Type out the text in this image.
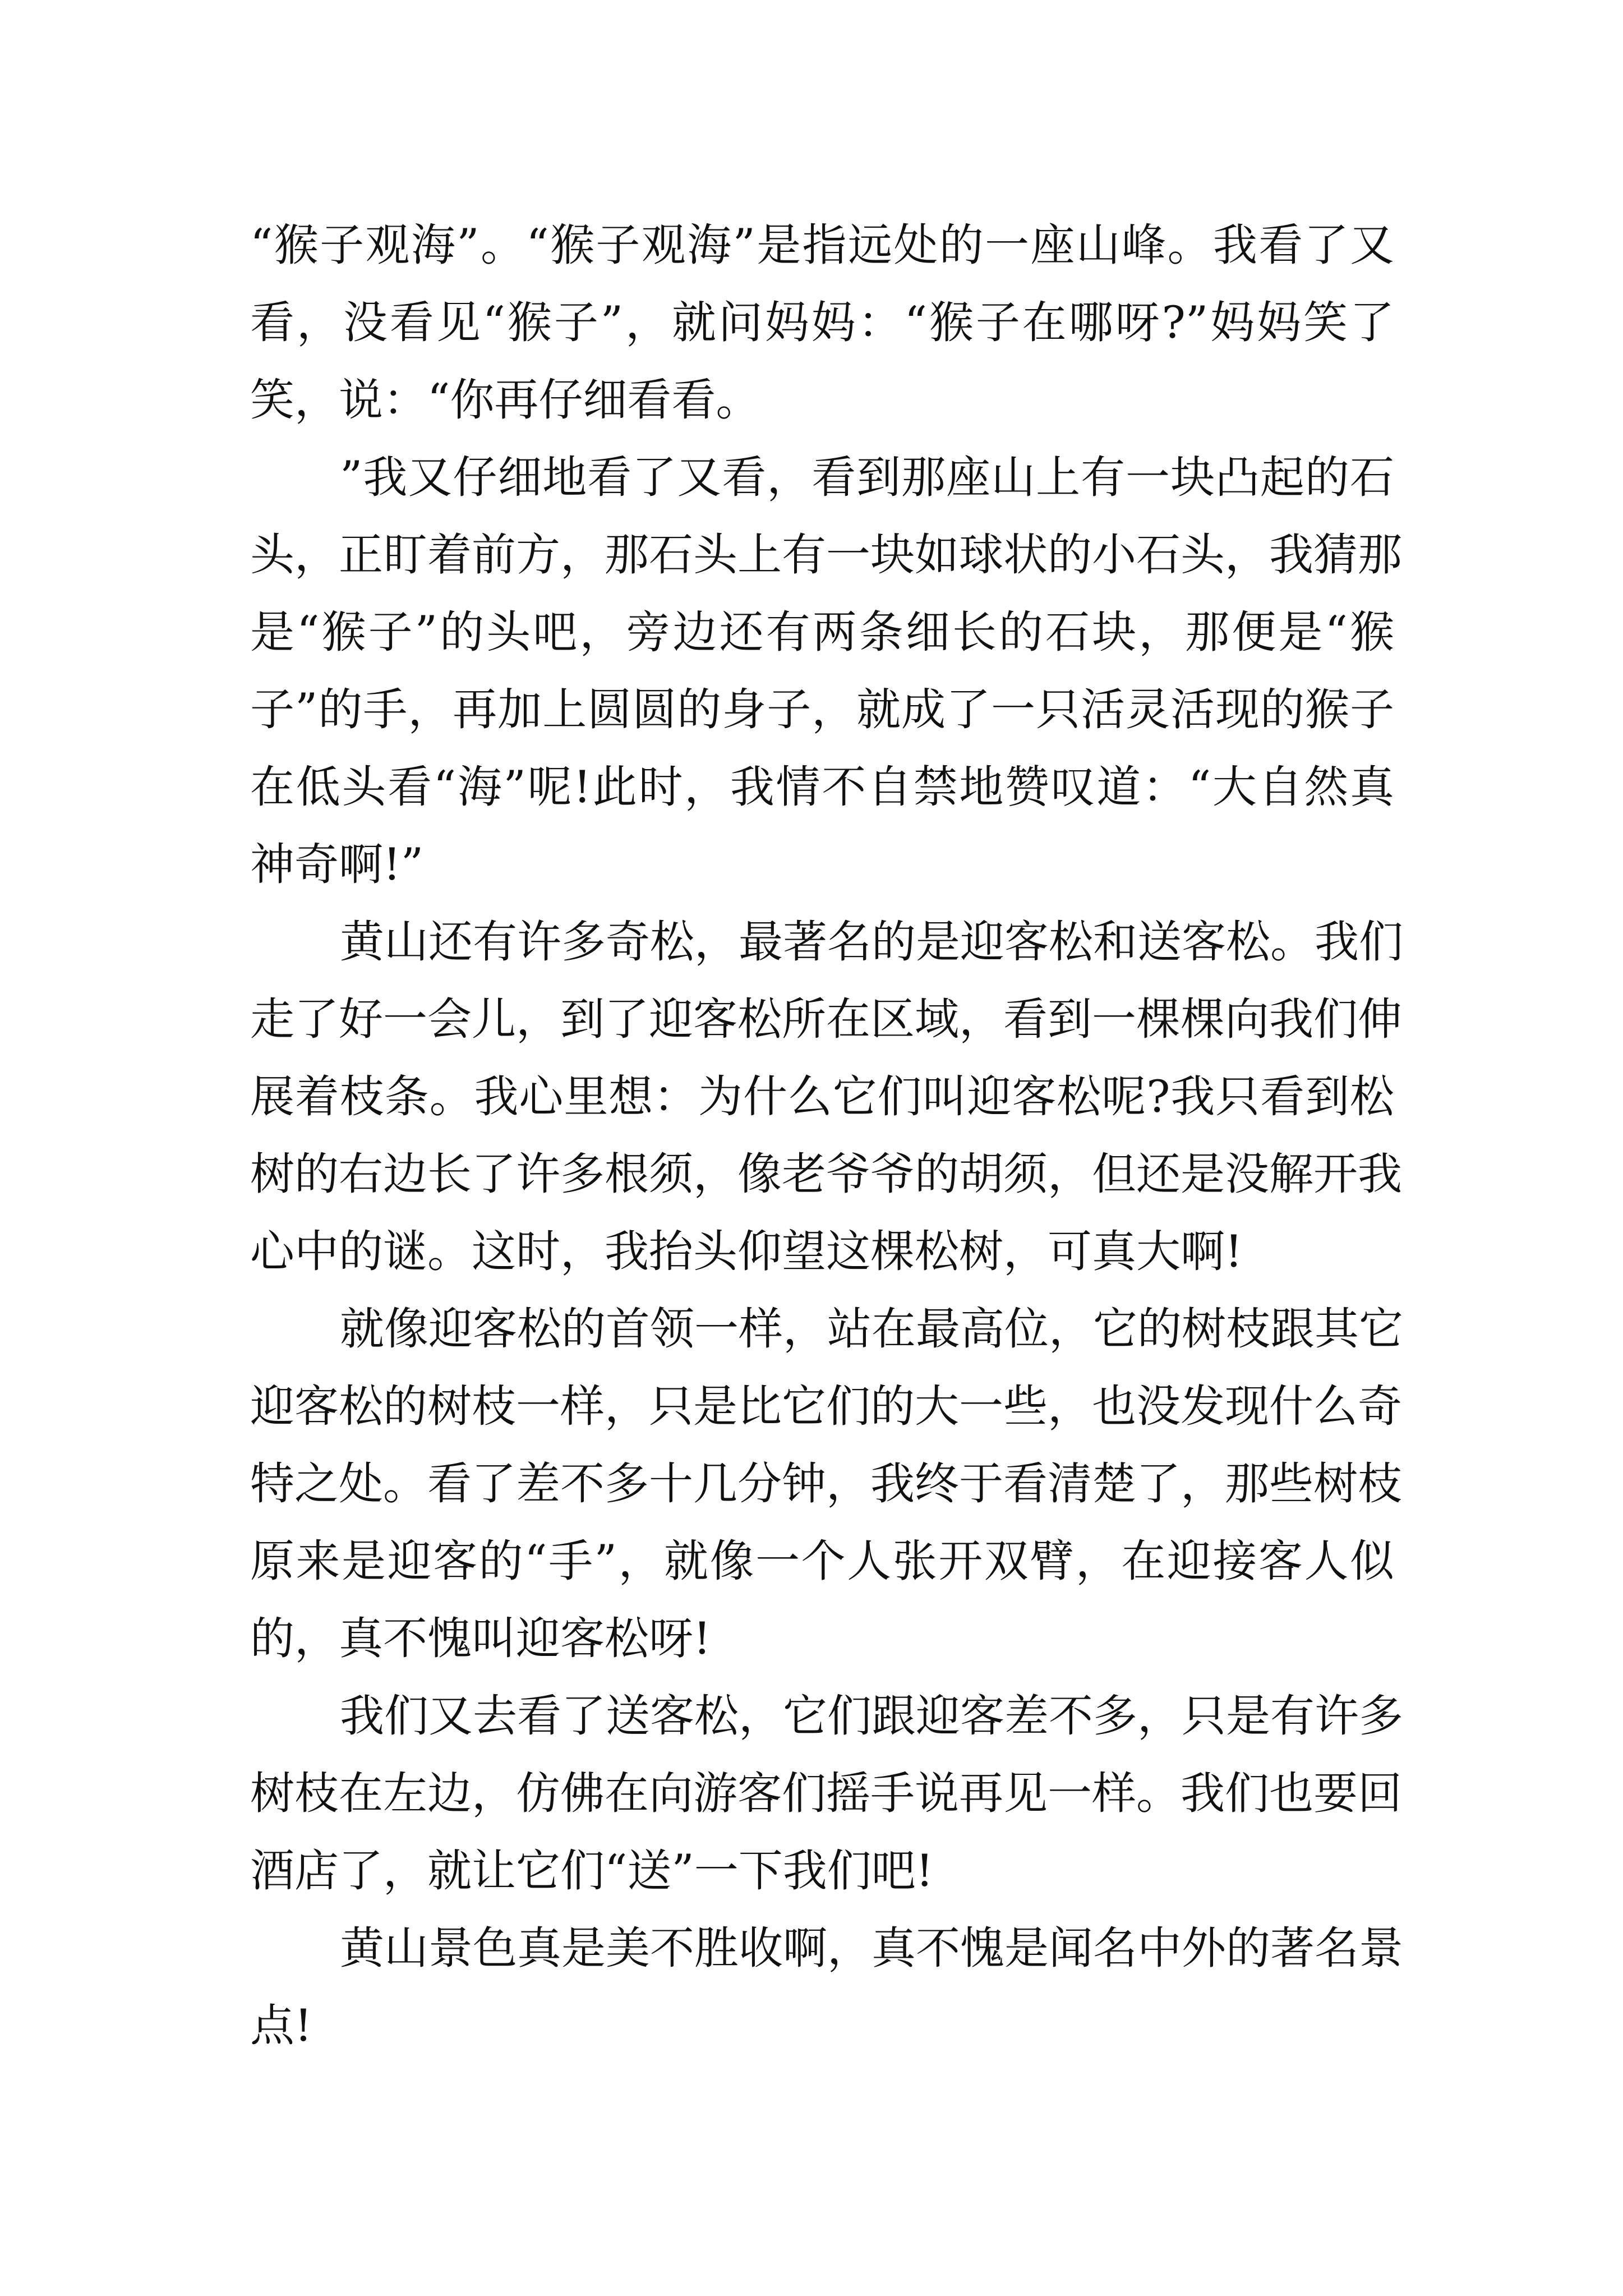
“猴子观海”。“猴子观海”是指远处的一座山峰。我看了又
看，没看见“猴子”，就问妈妈：“猴子在哪呀?”妈妈笑了
笑，说：“你再仔细看看。
”我又仔细地看了又看，看到那座山上有一块凸起的石
头，正盯着前方，那石头上有一块如球状的小石头，我猜那
是“猴子”的头吧，旁边还有两条细长的石块，那便是“猴
子”的手，再加上圆圆的身子，就成了一只活灵活现的猴子
在低头看“海”呢!此时，我情不自禁地赞叹道：“大自然真
神奇啊!”
黄山还有许多奇松，最著名的是迎客松和送客松。我们
走了好一会儿，到了迎客松所在区域，看到一棵棵向我们伸
展着枝条。我心里想：为什么它们叫迎客松呢?我只看到松
树的右边长了许多根须，像老爷爷的胡须，但还是没解开我
心中的谜。这时，我抬头仰望这棵松树，可真大啊!
就像迎客松的首领一样，站在最高位，它的树枝跟其它
迎客松的树枝一样，只是比它们的大一些，也没发现什么奇
特之处。看了差不多十几分钟，我终于看清楚了，那些树枝
原来是迎客的“手”，就像一个人张开双臂，在迎接客人似
的，真不愧叫迎客松呀!
我们又去看了送客松，它们跟迎客差不多，只是有许多
树枝在左边，仿佛在向游客们摇手说再见一样。我们也要回
酒店了，就让它们“送”一下我们吧!
黄山景色真是美不胜收啊，真不愧是闻名中外的著名景
点!
